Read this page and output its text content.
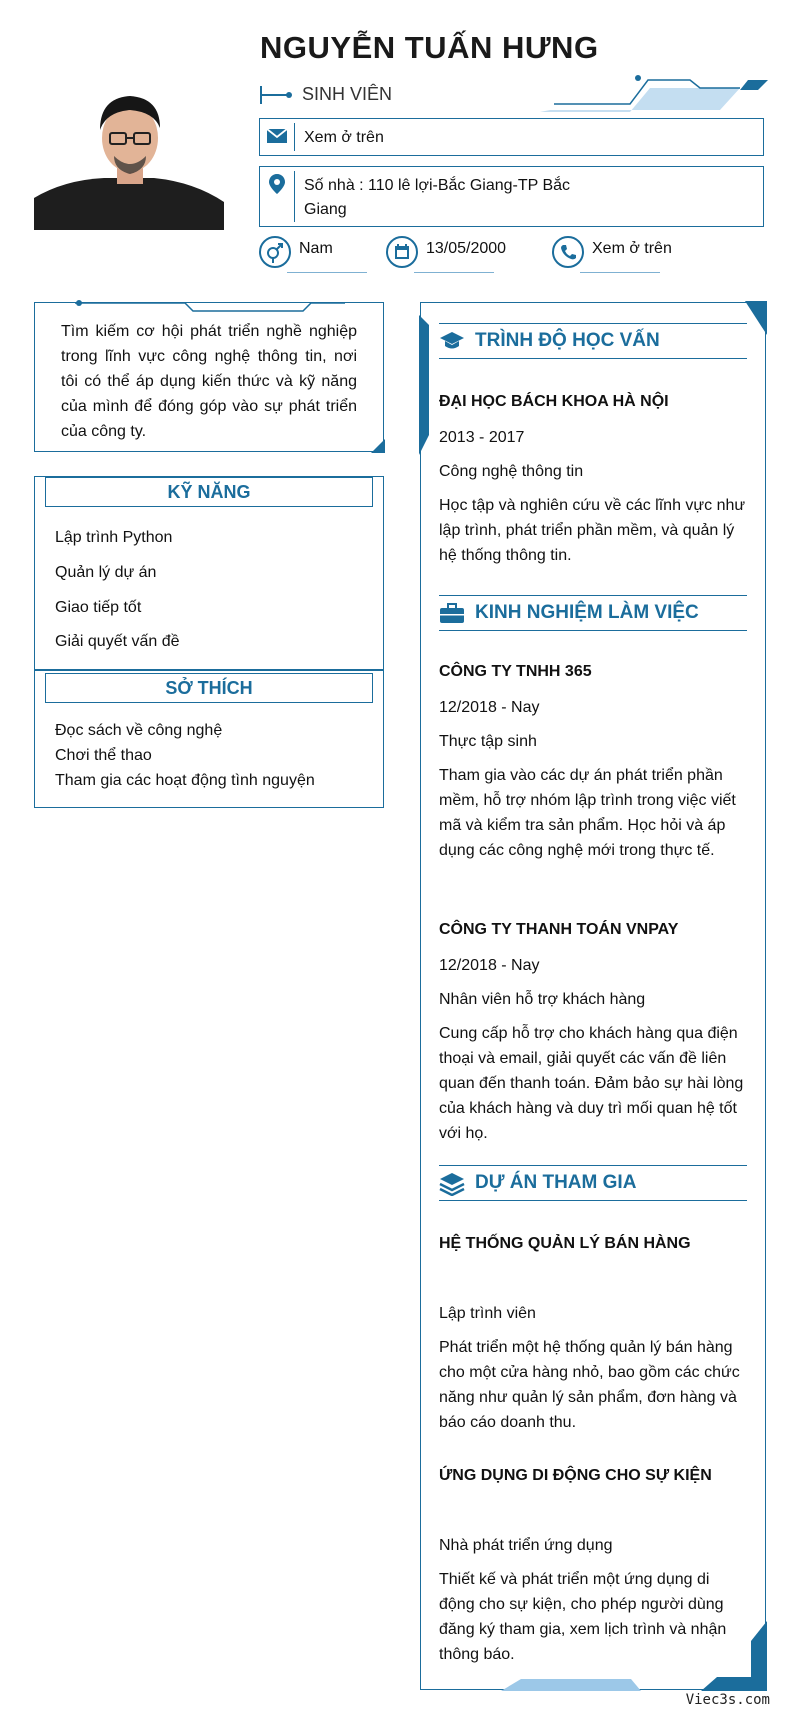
NGUYỄN TUẤN HƯNG
SINH VIÊN
Xem ở trên
Số nhà : 110 lê lợi-Bắc Giang-TP Bắc Giang
Nam	13/05/2000	Xem ở trên
Tìm kiếm cơ hội phát triển nghề nghiệp trong lĩnh vực công nghệ thông tin, nơi tôi có thể áp dụng kiến thức và kỹ năng của mình để đóng góp vào sự phát triển của công ty.
KỸ NĂNG
Lập trình Python
Quản lý dự án
Giao tiếp tốt
Giải quyết vấn đề
SỞ THÍCH
Đọc sách về công nghệ
Chơi thể thao
Tham gia các hoạt động tình nguyện
TRÌNH ĐỘ HỌC VẤN
ĐẠI HỌC BÁCH KHOA HÀ NỘI
2013 - 2017
Công nghệ thông tin
Học tập và nghiên cứu về các lĩnh vực như lập trình, phát triển phần mềm, và quản lý hệ thống thông tin.
KINH NGHIỆM LÀM VIỆC
CÔNG TY TNHH 365
12/2018 - Nay
Thực tập sinh
Tham gia vào các dự án phát triển phần mềm, hỗ trợ nhóm lập trình trong việc viết mã và kiểm tra sản phẩm. Học hỏi và áp dụng các công nghệ mới trong thực tế.
CÔNG TY THANH TOÁN VNPAY
12/2018 - Nay
Nhân viên hỗ trợ khách hàng
Cung cấp hỗ trợ cho khách hàng qua điện thoại và email, giải quyết các vấn đề liên quan đến thanh toán. Đảm bảo sự hài lòng của khách hàng và duy trì mối quan hệ tốt với họ.
DỰ ÁN THAM GIA
HỆ THỐNG QUẢN LÝ BÁN HÀNG
Lập trình viên
Phát triển một hệ thống quản lý bán hàng cho một cửa hàng nhỏ, bao gồm các chức năng như quản lý sản phẩm, đơn hàng và báo cáo doanh thu.
ỨNG DỤNG DI ĐỘNG CHO SỰ KIỆN
Nhà phát triển ứng dụng
Thiết kế và phát triển một ứng dụng di động cho sự kiện, cho phép người dùng đăng ký tham gia, xem lịch trình và nhận thông báo.
Viec3s.com
